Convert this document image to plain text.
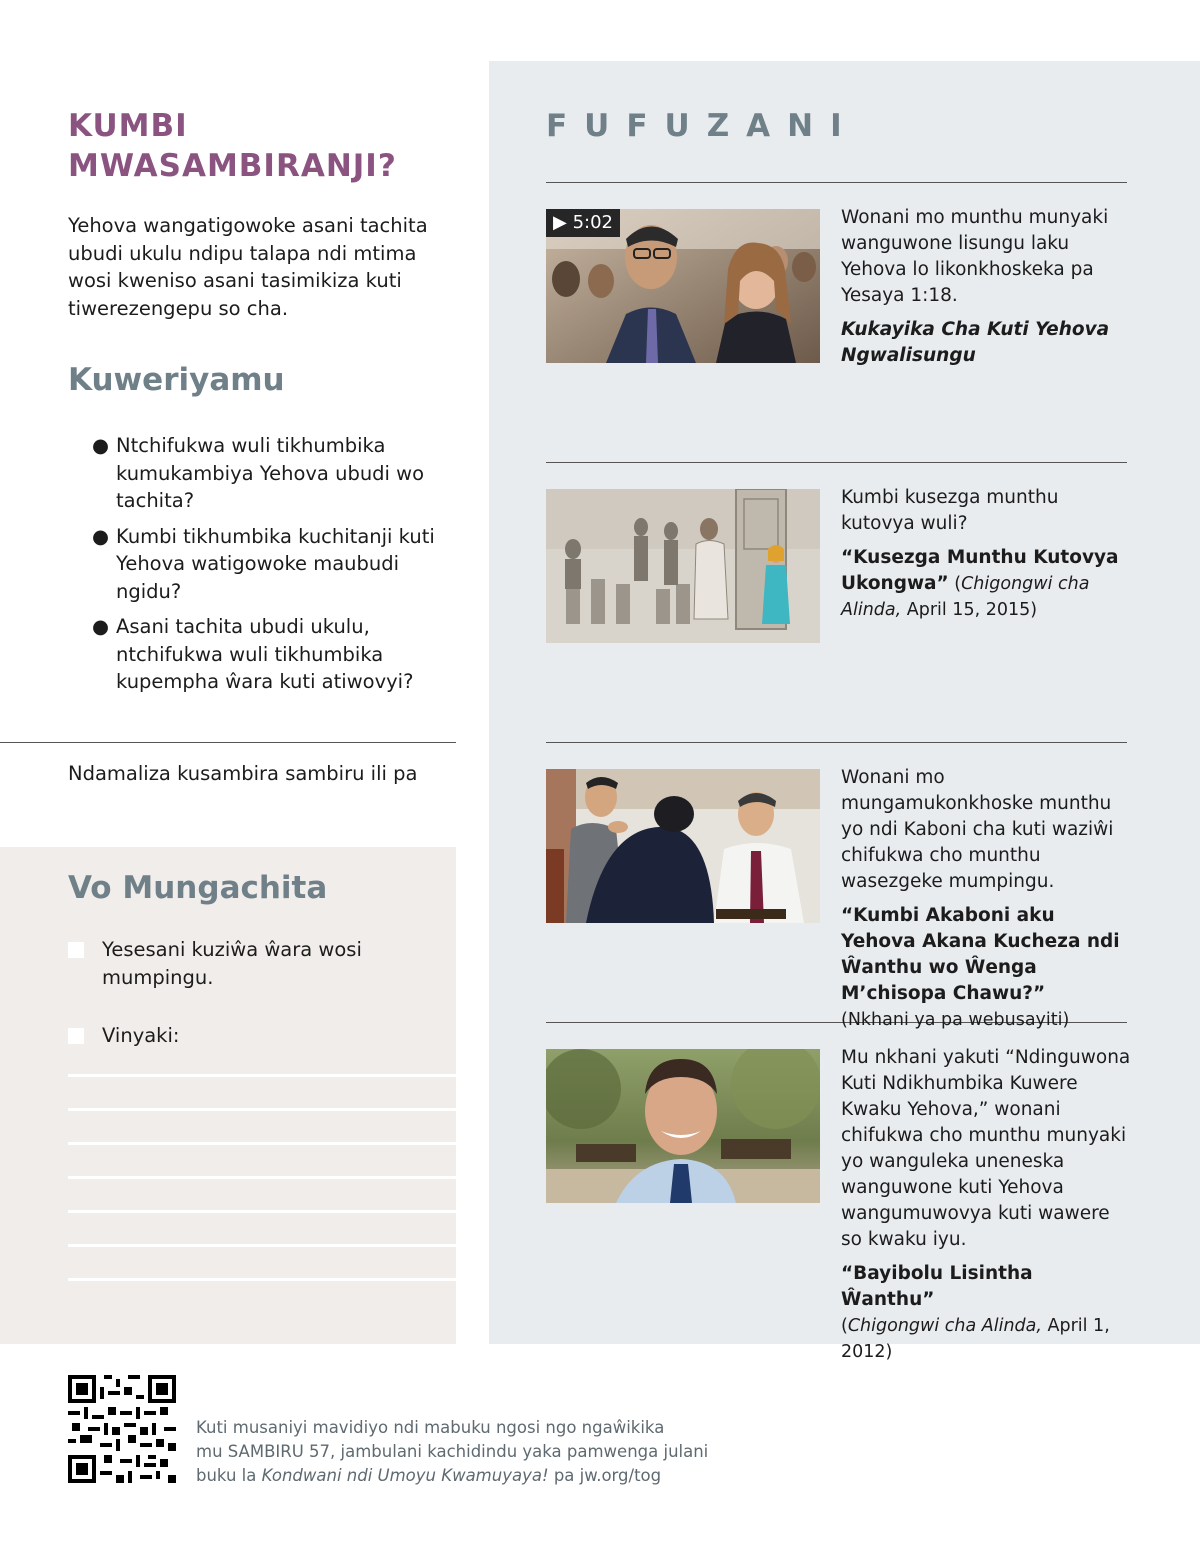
KUMBI
MWASAMBIRANJI?
Yehova wangatigowoke asani tachita ubudi ukulu ndipu talapa ndi mtima wosi kweniso asani tasimikiza kuti tiwerezengepu so cha.
Kuweriyamu
● Ntchifukwa wuli tikhumbika kumukambiya Yehova ubudi wo tachita?
● Kumbi tikhumbika kuchitanji kuti Yehova watigowoke maubudi ngidu?
● Asani tachita ubudi ukulu, ntchifukwa wuli tikhumbika kupempha ŵara kuti atiwovyi?
Ndamaliza kusambira sambiru ili pa
Vo Mungachita
Yesesani kuziŵa ŵara wosi mumpingu.
Vinyaki:
FUFUZANI
▶ 5:02	Wonani mo munthu munyaki wanguwone lisungu laku Yehova lo likonkhoskeka pa Yesaya 1:18.
Kukayika Cha Kuti Yehova Ngwalisungu
Kumbi kusezga munthu kutovya wuli?
“Kusezga Munthu Kutovya Ukongwa” (Chigongwi cha Alinda, April 15, 2015)
Wonani mo mungamukonkhoske munthu yo ndi Kaboni cha kuti waziŵi chifukwa cho munthu wasezgeke mumpingu.
“Kumbi Akaboni aku Yehova Akana Kucheza ndi Ŵanthu wo Ŵenga M’chisopa Chawu?”
(Nkhani ya pa webusayiti)
Mu nkhani yakuti “Ndinguwona Kuti Ndikhumbika Kuwere Kwaku Yehova,” wonani chifukwa cho munthu munyaki yo wanguleka uneneska wanguwone kuti Yehova wangumuwovya kuti wawere so kwaku iyu.
“Bayibolu Lisintha Ŵanthu”
(Chigongwi cha Alinda, April 1, 2012)
Kuti musaniyi mavidiyo ndi mabuku ngosi ngo ngaŵikika
mu SAMBIRU 57, jambulani kachidindu yaka pamwenga julani
buku la Kondwani ndi Umoyu Kwamuyaya! pa jw.org/tog
